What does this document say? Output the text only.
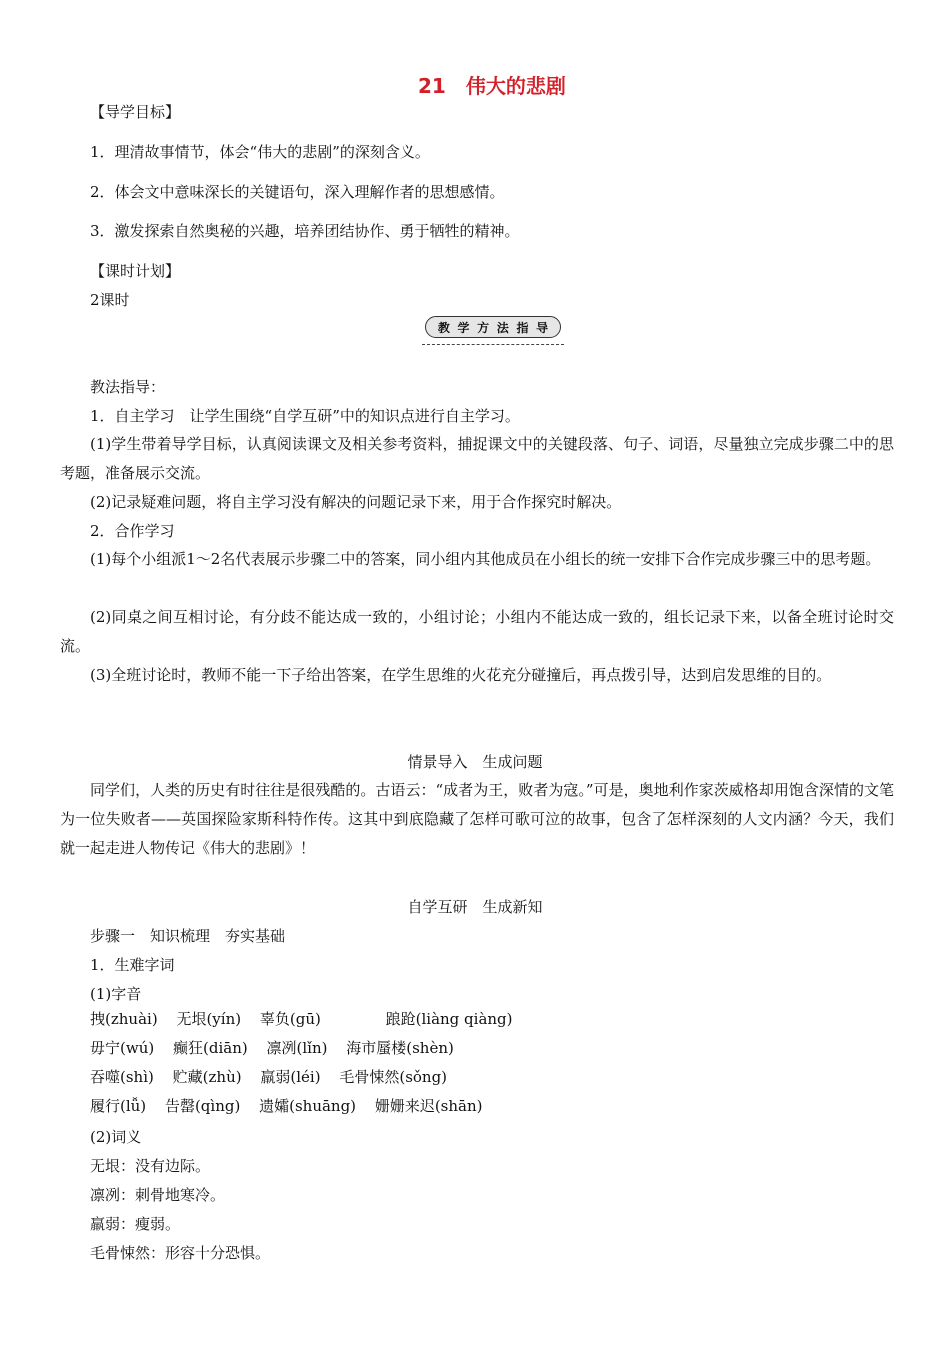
21　伟大的悲剧
【导学目标】
1．理清故事情节，体会“伟大的悲剧”的深刻含义。
2．体会文中意味深长的关键语句，深入理解作者的思想感情。
3．激发探索自然奥秘的兴趣，培养团结协作、勇于牺牲的精神。
【课时计划】
2课时
教 学 方 法 指 导
教法指导：
1．自主学习　让学生围绕“自学互研”中的知识点进行自主学习。
(1)学生带着导学目标，认真阅读课文及相关参考资料，捕捉课文中的关键段落、句子、词语，尽量独立完成步骤二中的思考题，准备展示交流。
(2)记录疑难问题，将自主学习没有解决的问题记录下来，用于合作探究时解决。
2．合作学习
(1)每个小组派1～2名代表展示步骤二中的答案，同小组内其他成员在小组长的统一安排下合作完成步骤三中的思考题。
(2)同桌之间互相讨论，有分歧不能达成一致的，小组讨论；小组内不能达成一致的，组长记录下来，以备全班讨论时交流。
(3)全班讨论时，教师不能一下子给出答案，在学生思维的火花充分碰撞后，再点拨引导，达到启发思维的目的。
情景导入　生成问题
同学们，人类的历史有时往往是很残酷的。古语云：“成者为王，败者为寇。”可是，奥地利作家茨威格却用饱含深情的文笔为一位失败者——英国探险家斯科特作传。这其中到底隐藏了怎样可歌可泣的故事，包含了怎样深刻的人文内涵？今天，我们就一起走进人物传记《伟大的悲剧》！
自学互研　生成新知
步骤一　知识梳理　夯实基础
1．生难字词
(1)字音
拽(zhuài) 无垠(yín) 辜负(gū)	踉跄(liàng qiàng)
毋宁(wú) 癫狂(diān) 凛冽(lǐn) 海市蜃楼(shèn)
吞噬(shì) 贮藏(zhù) 羸弱(léi) 毛骨悚然(sǒng)
履行(lǚ) 告罄(qìng) 遗孀(shuāng) 姗姗来迟(shān)
(2)词义
无垠：没有边际。
凛冽：刺骨地寒冷。
羸弱：瘦弱。
毛骨悚然：形容十分恐惧。
